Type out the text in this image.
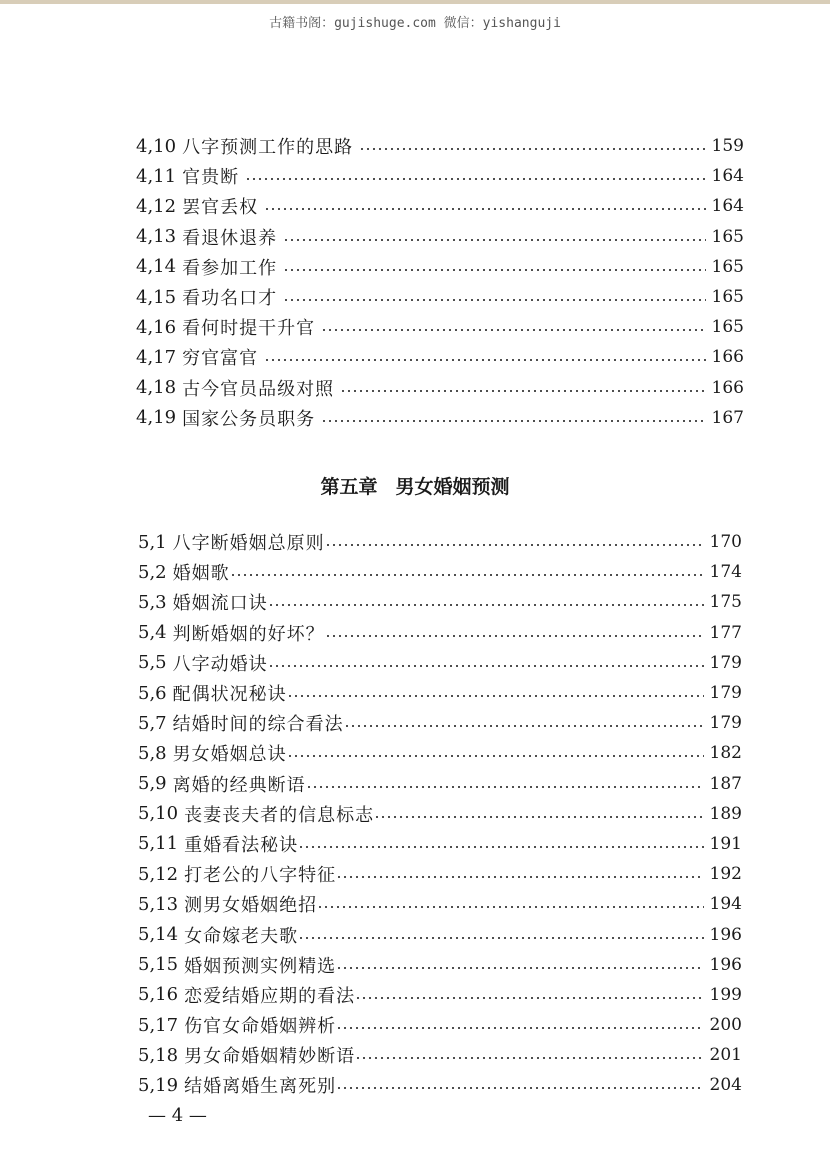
古籍书阁：gujishuge.com 微信：yishanguji
4,10 八字预测工作的思路	159
4,11 官贵断	164
4,12 罢官丢权	164
4,13 看退休退养	165
4,14 看参加工作	165
4,15 看功名口才	165
4,16 看何时提干升官	165
4,17 穷官富官	166
4,18 古今官员品级对照	166
4,19 国家公务员职务	167
第五章 男女婚姻预测
5,1 八字断婚姻总原则	170
5,2 婚姻歌	174
5,3 婚姻流口诀	175
5,4 判断婚姻的好坏？	177
5,5 八字动婚诀	179
5,6 配偶状况秘诀	179
5,7 结婚时间的综合看法	179
5,8 男女婚姻总诀	182
5,9 离婚的经典断语	187
5,10 丧妻丧夫者的信息标志	189
5,11 重婚看法秘诀	191
5,12 打老公的八字特征	192
5,13 测男女婚姻绝招	194
5,14 女命嫁老夫歌	196
5,15 婚姻预测实例精选	196
5,16 恋爱结婚应期的看法	199
5,17 伤官女命婚姻辨析	200
5,18 男女命婚姻精妙断语	201
5,19 结婚离婚生离死别	204
— 4 —
